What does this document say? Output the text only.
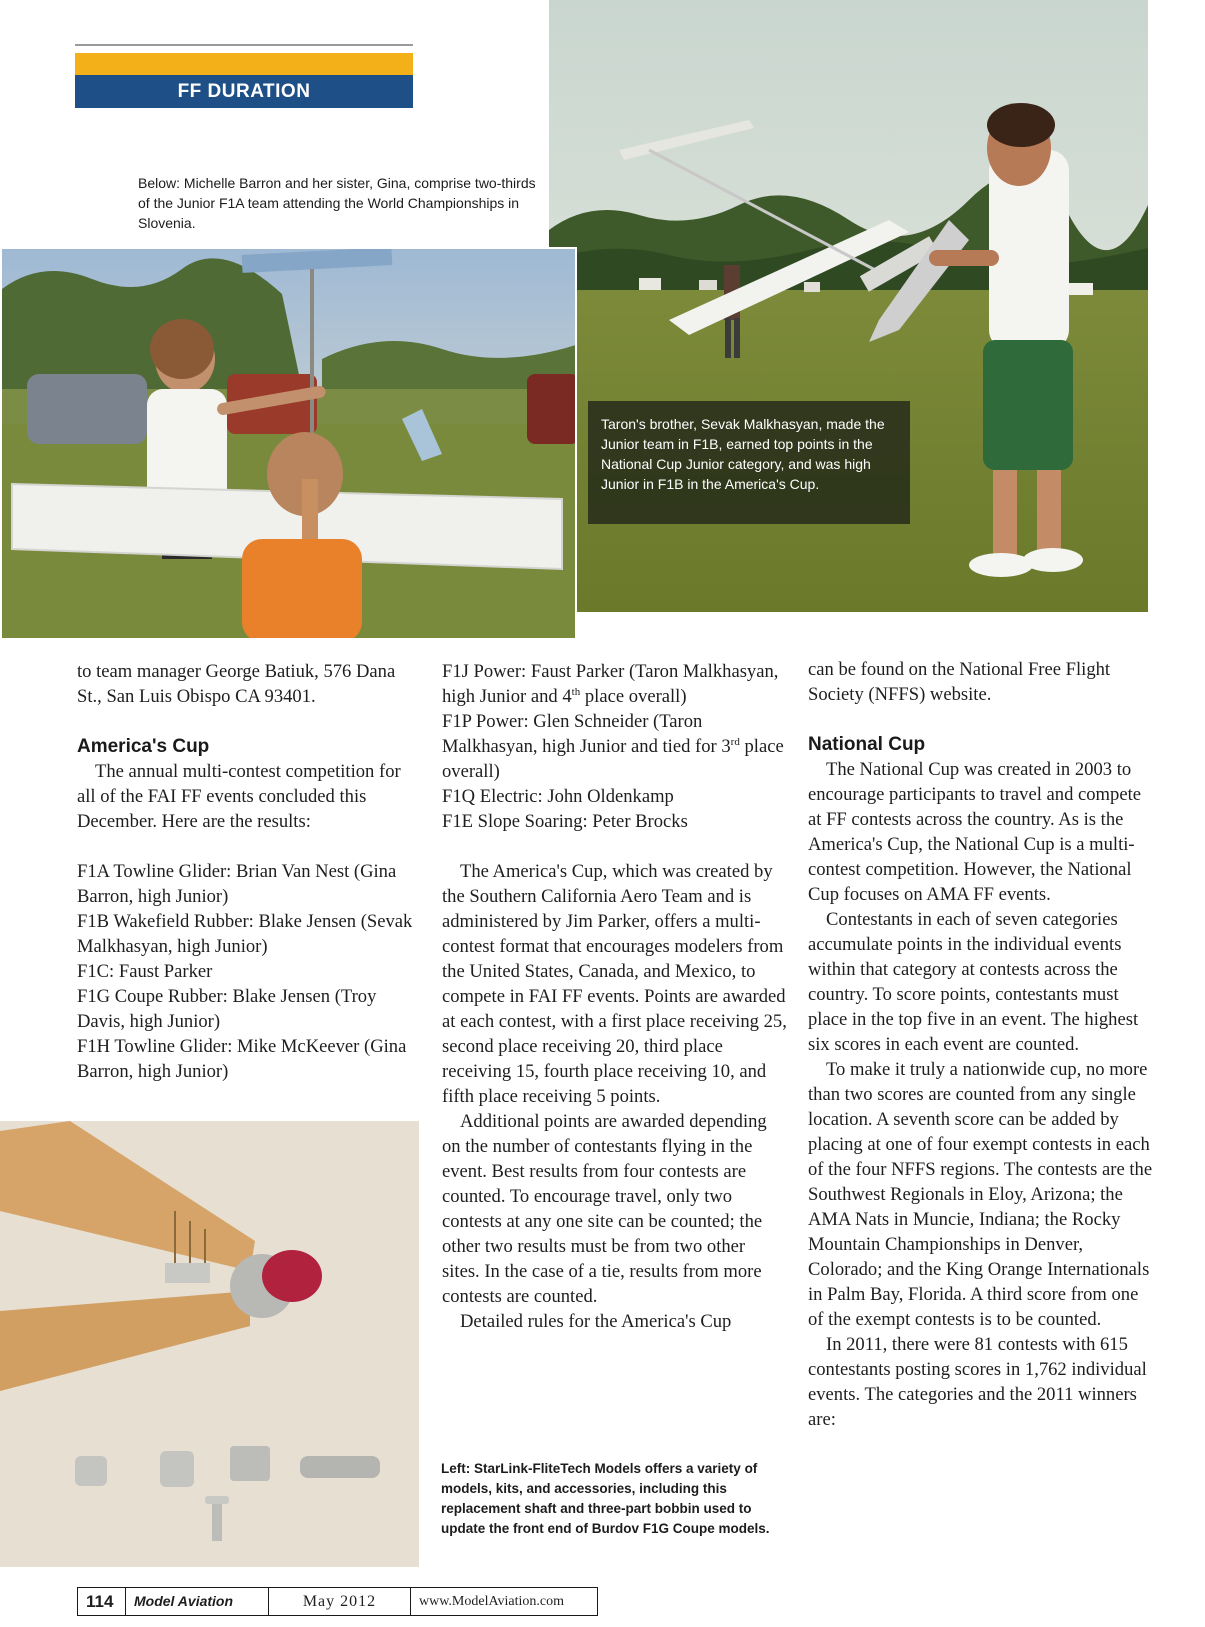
FF DURATION
Below: Michelle Barron and her sister, Gina, comprise two-thirds of the Junior F1A team attending the World Championships in Slovenia.
Taron's brother, Sevak Malkhasyan, made the Junior team in F1B, earned top points in the National Cup Junior category, and was high Junior in F1B in the America's Cup.
Left: StarLink-FliteTech Models offers a variety of models, kits, and accessories, including this replacement shaft and three-part bobbin used to update the front end of Burdov F1G Coupe models.

to team manager George Batiuk, 576 Dana St., San Luis Obispo CA 93401.

America's Cup

The annual multi-contest competition for all of the FAI FF events concluded this December. Here are the results:

F1A Towline Glider: Brian Van Nest (Gina Barron, high Junior)

F1B Wakefield Rubber: Blake Jensen (Sevak Malkhasyan, high Junior)

F1C: Faust Parker

F1G Coupe Rubber: Blake Jensen (Troy Davis, high Junior)

F1H Towline Glider: Mike McKeever (Gina Barron, high Junior)

F1J Power: Faust Parker (Taron Malkhasyan, high Junior and 4th place overall)

F1P Power: Glen Schneider (Taron Malkhasyan, high Junior and tied for 3rd place overall)

F1Q Electric: John Oldenkamp

F1E Slope Soaring: Peter Brocks

The America's Cup, which was created by the Southern California Aero Team and is administered by Jim Parker, offers a multi-contest format that encourages modelers from the United States, Canada, and Mexico, to compete in FAI FF events. Points are awarded at each contest, with a first place receiving 25, second place receiving 20, third place receiving 15, fourth place receiving 10, and fifth place receiving 5 points.

Additional points are awarded depending on the number of contestants flying in the event. Best results from four contests are counted. To encourage travel, only two contests at any one site can be counted; the other two results must be from two other sites. In the case of a tie, results from more contests are counted.

Detailed rules for the America's Cup

can be found on the National Free Flight Society (NFFS) website.

National Cup

The National Cup was created in 2003 to encourage participants to travel and compete at FF contests across the country. As is the America's Cup, the National Cup is a multi-contest competition. However, the National Cup focuses on AMA FF events.

Contestants in each of seven categories accumulate points in the individual events within that category at contests across the country. To score points, contestants must place in the top five in an event. The highest six scores in each event are counted.

To make it truly a nationwide cup, no more than two scores are counted from any single location. A seventh score can be added by placing at one of four exempt contests in each of the four NFFS regions. The contests are the Southwest Regionals in Eloy, Arizona; the AMA Nats in Muncie, Indiana; the Rocky Mountain Championships in Denver, Colorado; and the King Orange Internationals in Palm Bay, Florida. A third score from one of the exempt contests is to be counted.

In 2011, there were 81 contests with 615 contestants posting scores in 1,762 individual events. The categories and the 2011 winners are:

114	Model Aviation	May 2012	www.ModelAviation.com
